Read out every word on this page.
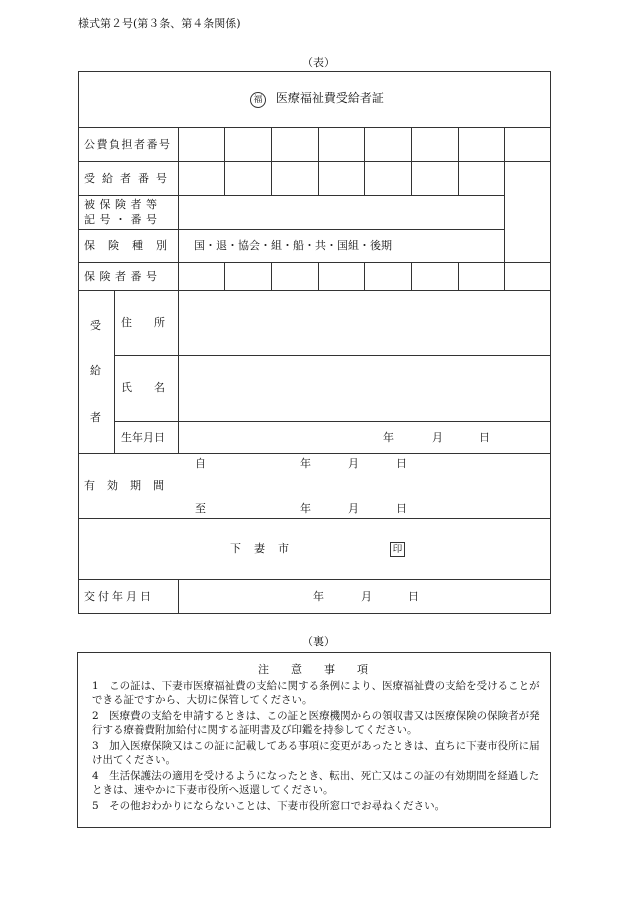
様式第２号(第３条、第４条関係)
（表）
福 医療福祉費受給者証
公費負担者番号
受給者番号
被保険者等
記号・番号
保険種別 国・退・協会・組・船・共・国組・後期
保険者番号
受
給
者
住　　所
氏　　名
生年月日	年	月	日
有効期間
自	年	月	日
至	年	月	日
下　妻　市	印
交付年月日	年	月	日
（裏）
注　　意　　事　　項
1　この証は、下妻市医療福祉費の支給に関する条例により、医療福祉費の支給を受けることができる証ですから、大切に保管してください。
2　医療費の支給を申請するときは、この証と医療機関からの領収書又は医療保険の保険者が発行する療養費附加給付に関する証明書及び印鑑を持参してください。
3　加入医療保険又はこの証に記載してある事項に変更があったときは、直ちに下妻市役所に届け出てください。
4　生活保護法の適用を受けるようになったとき、転出、死亡又はこの証の有効期間を経過したときは、速やかに下妻市役所へ返還してください。
5　その他おわかりにならないことは、下妻市役所窓口でお尋ねください。
